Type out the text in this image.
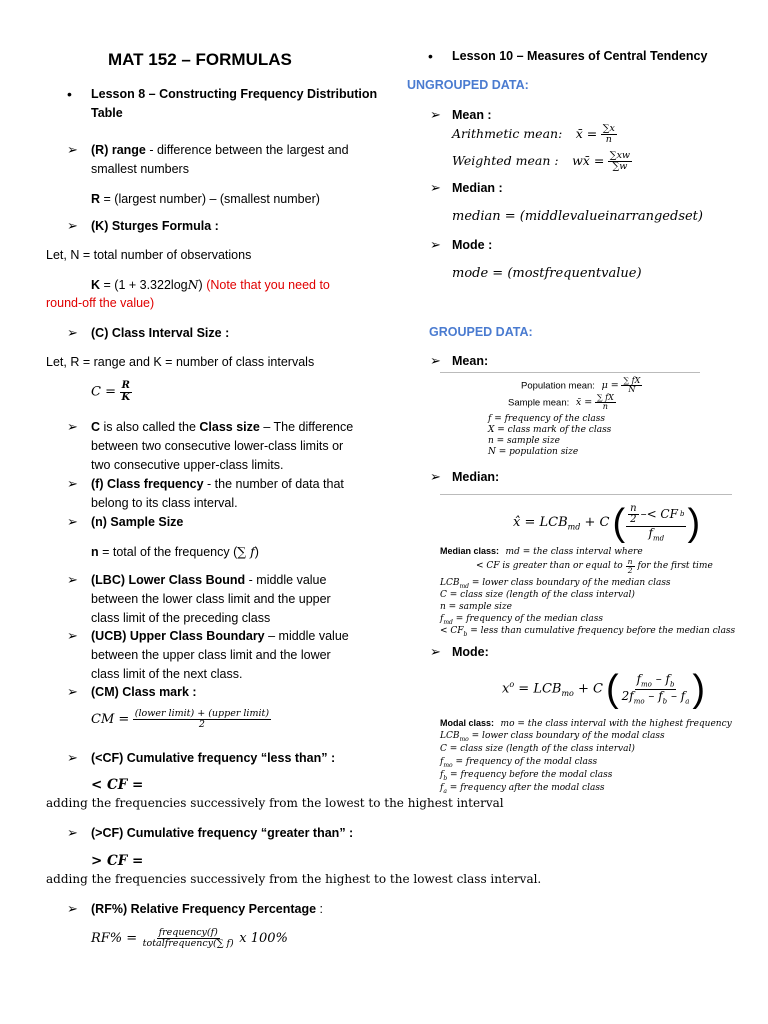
MAT 152 – FORMULAS
• Lesson 8 – Constructing Frequency Distribution
Table
➢ (R) range - difference between the largest and
smallest numbers
R = (largest number) – (smallest number)
➢ (K) Sturges Formula :
Let, N = total number of observations
K = (1 + 3.322logN) (Note that you need to
round-off the value)
➢ (C) Class Interval Size :
Let, R = range and K = number of class intervals
$C = \frac{R}{K}$
➢ C is also called the Class size – The difference
between two consecutive lower-class limits or
two consecutive upper-class limits.
➢ (f) Class frequency - the number of data that
belong to its class interval.
➢ (n) Sample Size
n = total of the frequency (∑ f)
➢ (LBC) Lower Class Bound - middle value
between the lower class limit and the upper
class limit of the preceding class
➢ (UCB) Upper Class Boundary – middle value
between the upper class limit and the lower
class limit of the next class.
➢ (CM) Class mark :
CM = $\frac{\text{(lower limit) + (upper limit)}}{2}$
➢ (<CF) Cumulative frequency “less than” :
< CF =
adding the frequencies successively from the lowest to the highest interval
➢ (>CF) Cumulative frequency “greater than” :
> CF =
adding the frequencies successively from the highest to the lowest class interval.
➢ (RF%) Relative Frequency Percentage :
$RF\% = \frac{\text{frequency(f)}}{\text{totalfrequency(∑ f)}}$ x 100%
• Lesson 10 – Measures of Central Tendency
UNGROUPED DATA:
➢ Mean :
Arithmetic mean: x̄ = $\frac{\sum x}{n}$
Weighted mean : wx̄ = $\frac{\sum xw}{\sum w}$
➢ Median :
median = (middlevalueinarrangedset)
➢ Mode :
mode = (mostfrequentvalue)
GROUPED DATA:
➢ Mean:
Population mean: $\mu = \frac{\sum fX}{N}$
Sample mean: x̄ = $\frac{\sum fX}{n}$
f = frequency of the class
X = class mark of the class
n = sample size
N = population size
➢ Median:
x̂ = $LCB_{md} + C$ ( $\frac{\frac{n}{2} -< CF b}{f_{md}}$ )
Median class: md = the class interval where
< CF is greater than or equal to $\frac{n}{2}$ for the first time
$LCB_{md}$ = lower class boundary of the median class
C = class size (length of the class interval)
n = sample size
$f_{md}$ = frequency of the median class
< $CF_b$ = less than cumulative frequency before the median class
➢ Mode:
$x^o = LCB_{mo} + C$ ( $\frac{f_{mo} - f_b}{2f_{mo} - f_b - f_a}$ )
Modal class: mo = the class interval with the highest frequency
$LCB_{mo}$ = lower class boundary of the modal class
C = class size (length of the class interval)
$f_{mo}$ = frequency of the modal class
$f_b$ = frequency before the modal class
$f_a$ = frequency after the modal class
